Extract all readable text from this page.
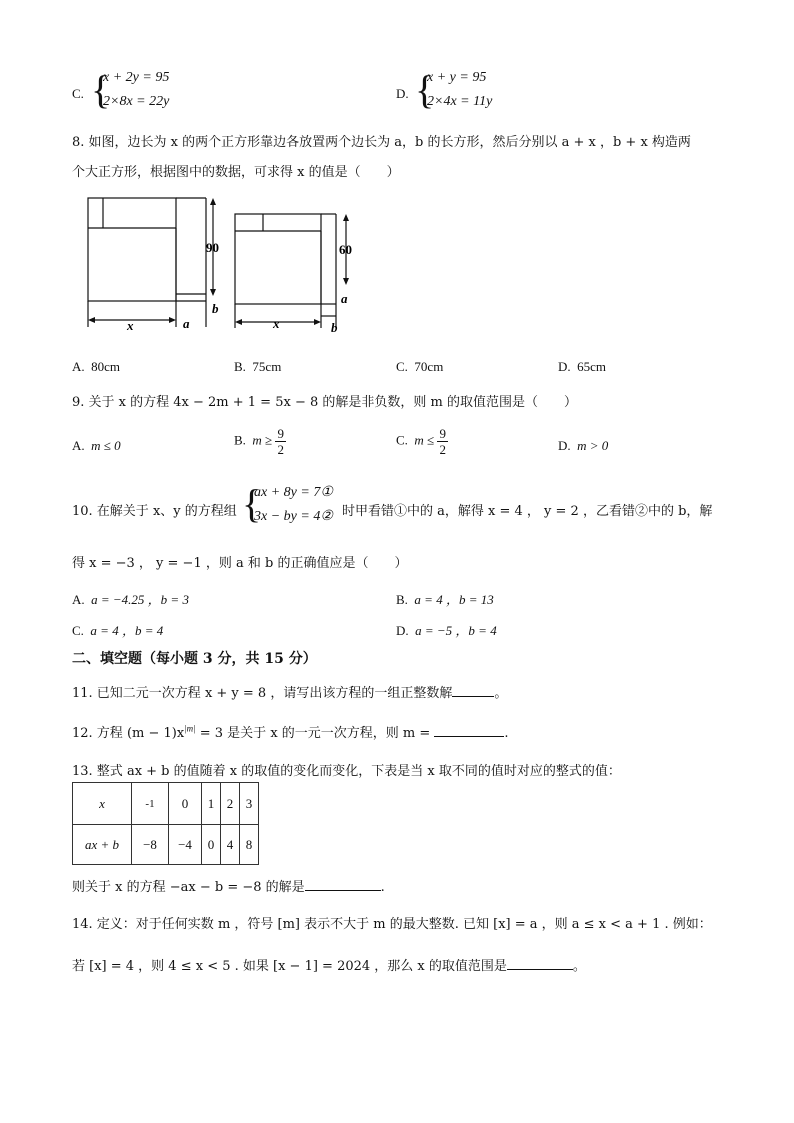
C. {
x + 2y = 95
2×8x = 22y
D. {
x + y = 95
2×4x = 11y
8. 如图，边长为 x 的两个正方形靠边各放置两个边长为 a，b 的长方形，然后分别以 a + x ，b + x 构造两
个大正方形，根据图中的数据，可求得 x 的值是（　　）
90
b
x	a
60
a
x	b
A. 80cm	B. 75cm	C. 70cm	D. 65cm
9. 关于 x 的方程 4x − 2m + 1 = 5x − 8 的解是非负数，则 m 的取值范围是（　　）
A. m ≤ 0	B. $m \ge \frac{9}{2}$	C. $m \le \frac{9}{2}$	D. m > 0
10. 在解关于 x、y 的方程组 {
ax + 8y = 7①
3x − by = 4② 时甲看错①中的 a，解得 x = 4 ， y = 2 ，乙看错②中的 b，解
得 x = −3 ， y = −1 ，则 a 和 b 的正确值应是（　　）
A. a = −4.25 ，b = 3	B. a = 4 ，b = 13
C. a = 4 ，b = 4	D. a = −5 ，b = 4
二、填空题（每小题 3 分，共 15 分）
11. 已知二元一次方程 x + y = 8 ，请写出该方程的一组正整数解	。
12. 方程 $(m - 1)x^{|m|} = 3$ 是关于 x 的一元一次方程，则 m =	.
13. 整式 ax + b 的值随着 x 的取值的变化而变化，下表是当 x 取不同的值时对应的整式的值：
x	-1	0	1	2	3
ax + b	−8	−4	0	4	8
则关于 x 的方程 −ax − b = −8 的解是	.
14. 定义：对于任何实数 m ，符号 [m] 表示不大于 m 的最大整数. 已知 [x] = a ，则 a ≤ x < a + 1 . 例如：
若 [x] = 4 ，则 4 ≤ x < 5 . 如果 [x − 1] = 2024 ，那么 x 的取值范围是	。
